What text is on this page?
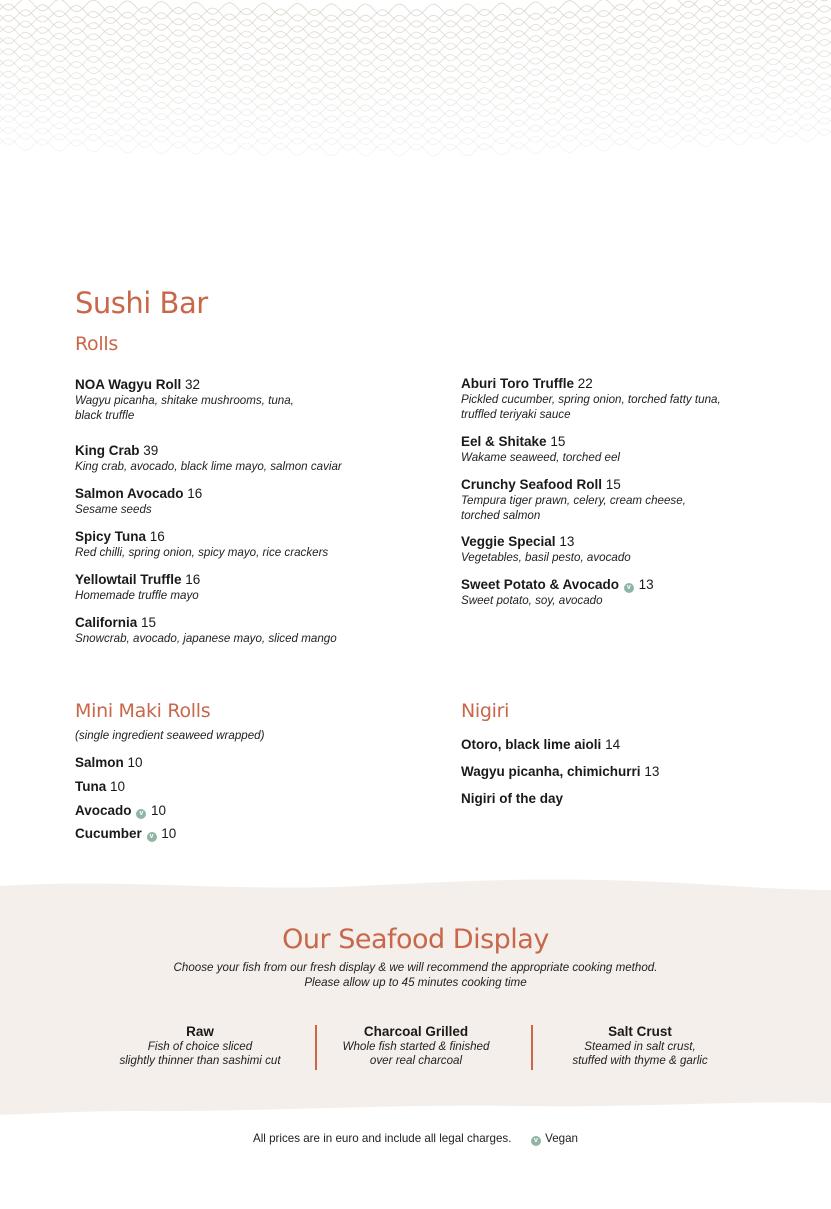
Sushi Bar
Rolls
NOA Wagyu Roll 32
Wagyu picanha, shitake mushrooms, tuna,
black truffle
King Crab 39
King crab, avocado, black lime mayo, salmon caviar
Salmon Avocado 16
Sesame seeds
Spicy Tuna 16
Red chilli, spring onion, spicy mayo, rice crackers
Yellowtail Truffle 16
Homemade truffle mayo
California 15
Snowcrab, avocado, japanese mayo, sliced mango
Aburi Toro Truffle 22
Pickled cucumber, spring onion, torched fatty tuna,
truffled teriyaki sauce
Eel & Shitake 15
Wakame seaweed, torched eel
Crunchy Seafood Roll 15
Tempura tiger prawn, celery, cream cheese,
torched salmon
Veggie Special 13
Vegetables, basil pesto, avocado
Sweet Potato & Avocado v 13
Sweet potato, soy, avocado
Mini Maki Rolls
(single ingredient seaweed wrapped)
Salmon 10
Tuna 10
Avocado v 10
Cucumber v 10
Nigiri
Otoro, black lime aioli 14
Wagyu picanha, chimichurri 13
Nigiri of the day
Our Seafood Display
Choose your fish from our fresh display & we will recommend the appropriate cooking method.
Please allow up to 45 minutes cooking time
Raw
Fish of choice sliced
slightly thinner than sashimi cut
Charcoal Grilled
Whole fish started & finished
over real charcoal
Salt Crust
Steamed in salt crust,
stuffed with thyme & garlic
All prices are in euro and include all legal charges.	v Vegan
